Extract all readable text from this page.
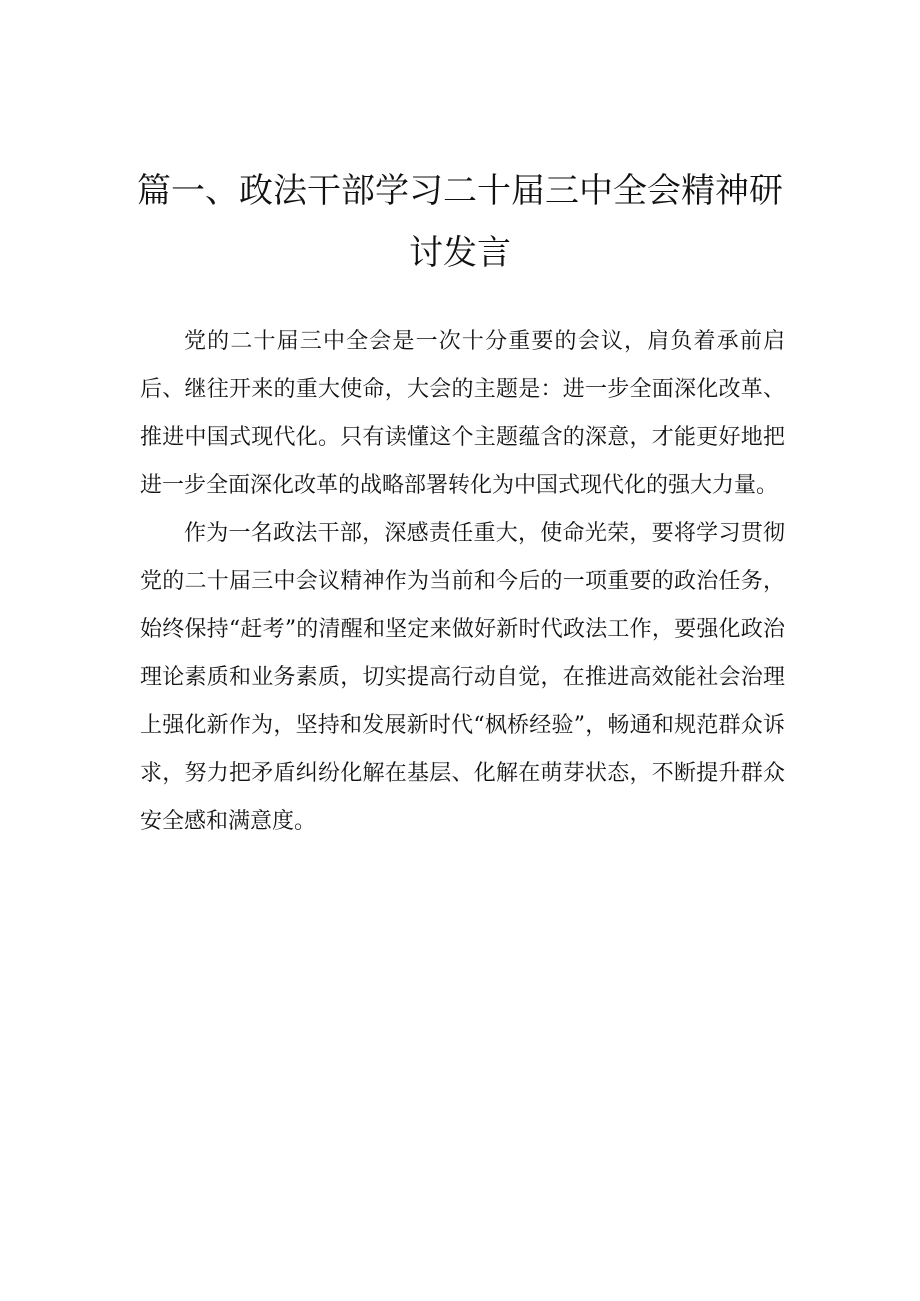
篇一、政法干部学习二十届三中全会精神研讨发言

党的二十届三中全会是一次十分重要的会议，肩负着承前启后、继往开来的重大使命，大会的主题是：进一步全面深化改革、推进中国式现代化。只有读懂这个主题蕴含的深意，才能更好地把进一步全面深化改革的战略部署转化为中国式现代化的强大力量。

作为一名政法干部，深感责任重大，使命光荣，要将学习贯彻党的二十届三中会议精神作为当前和今后的一项重要的政治任务，始终保持“赶考”的清醒和坚定来做好新时代政法工作，要强化政治理论素质和业务素质，切实提高行动自觉，在推进高效能社会治理上强化新作为，坚持和发展新时代“枫桥经验”，畅通和规范群众诉求，努力把矛盾纠纷化解在基层、化解在萌芽状态，不断提升群众安全感和满意度。
